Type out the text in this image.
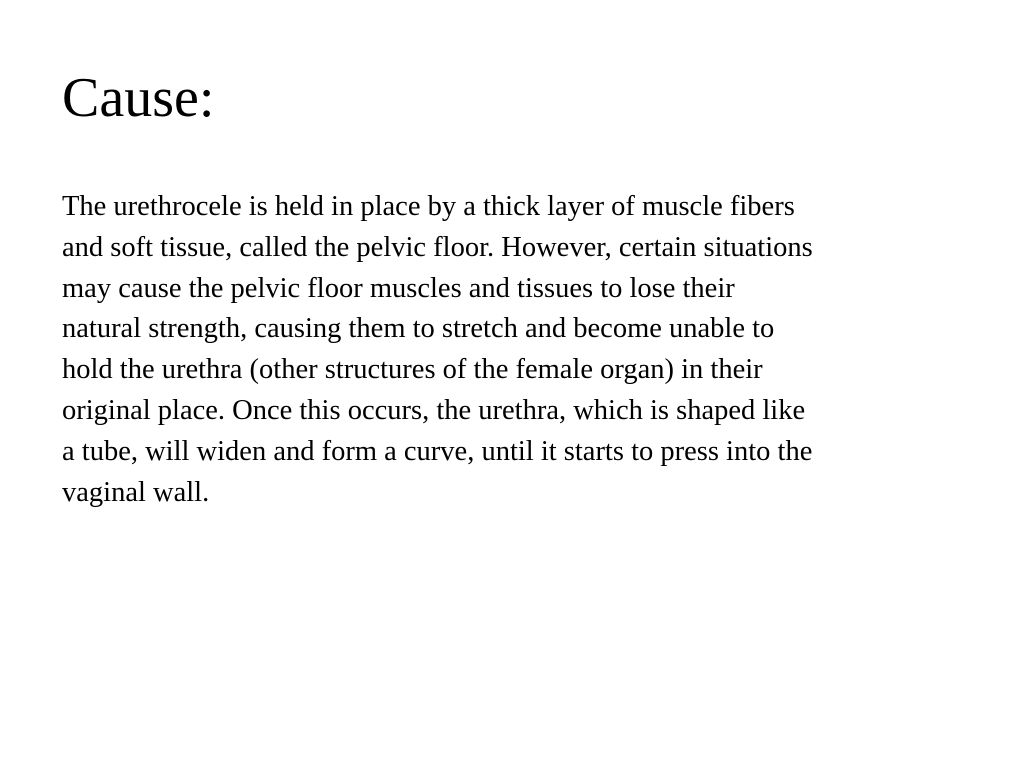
Cause:

The urethrocele is held in place by a thick layer of muscle fibers
and soft tissue, called the pelvic floor. However, certain situations
may cause the pelvic floor muscles and tissues to lose their
natural strength, causing them to stretch and become unable to
hold the urethra (other structures of the female organ) in their
original place. Once this occurs, the urethra, which is shaped like
a tube, will widen and form a curve, until it starts to press into the
vaginal wall.
